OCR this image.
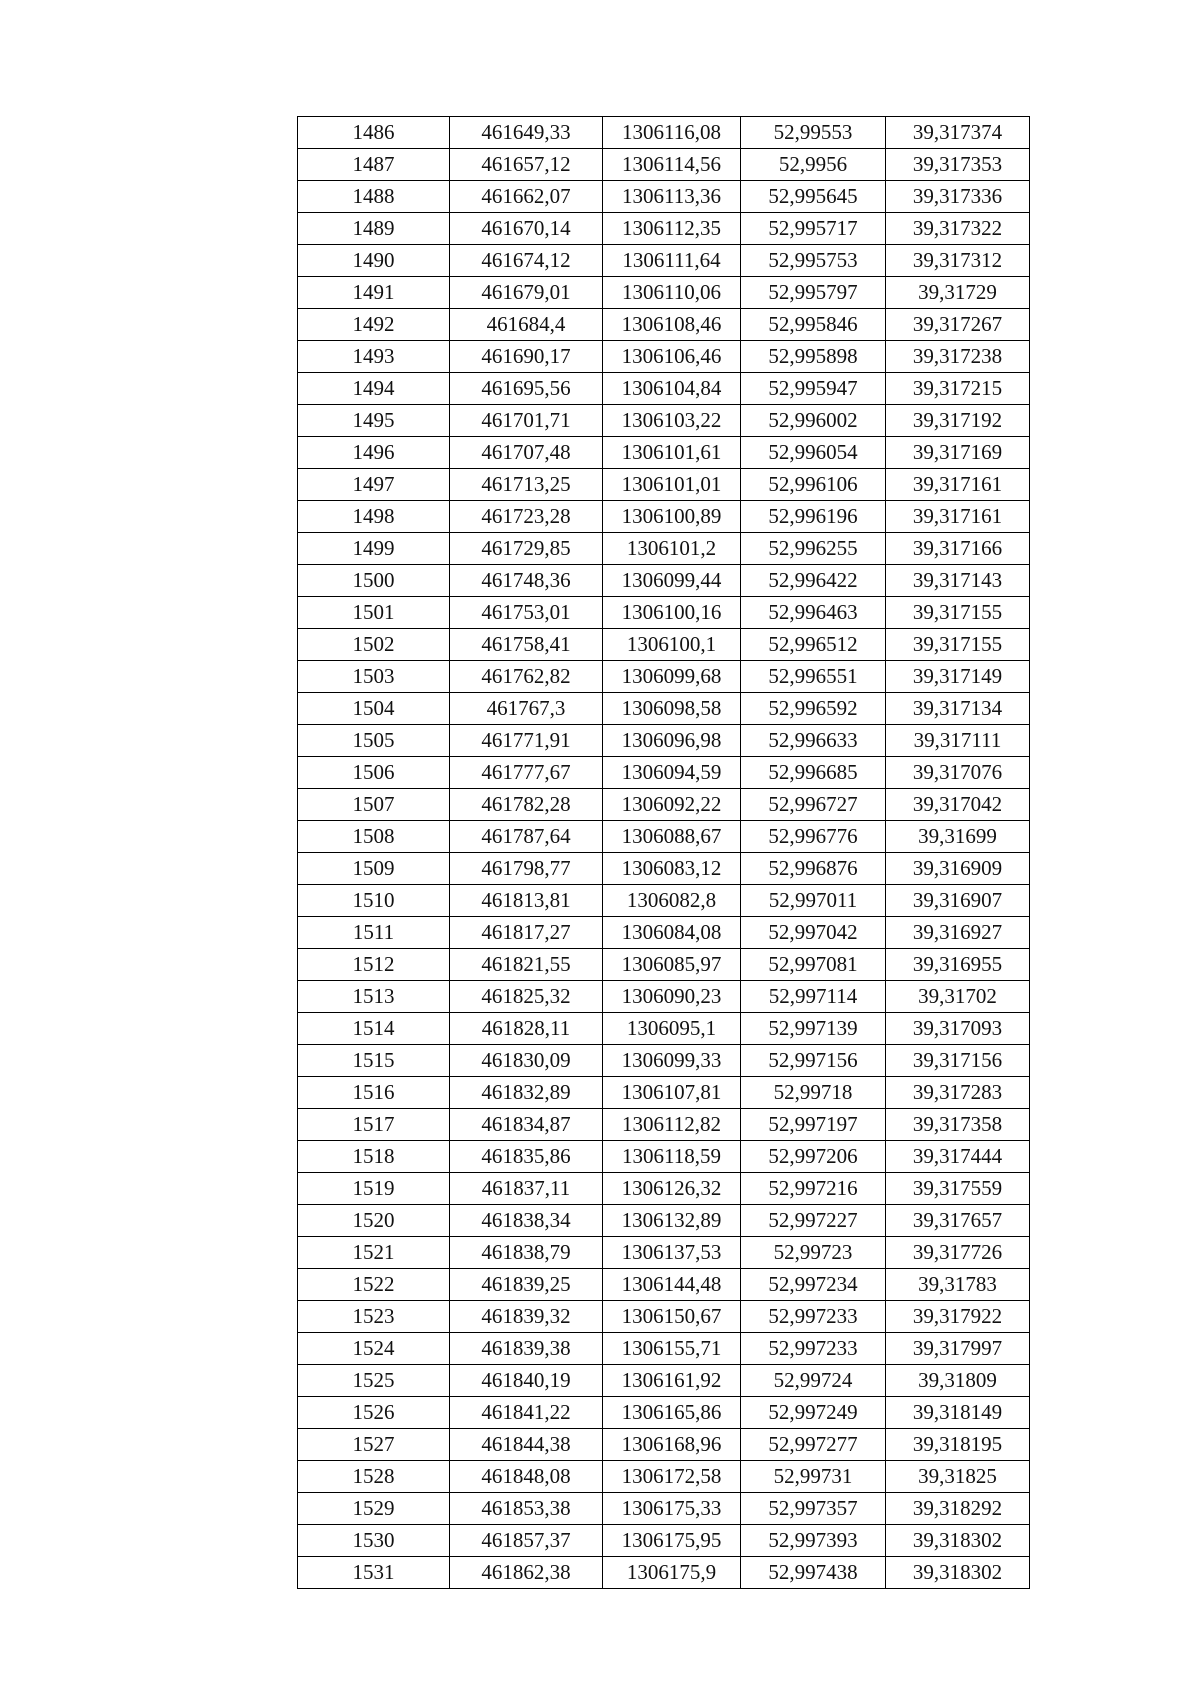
1486	461649,33	1306116,08	52,99553	39,317374
1487	461657,12	1306114,56	52,9956	39,317353
1488	461662,07	1306113,36	52,995645	39,317336
1489	461670,14	1306112,35	52,995717	39,317322
1490	461674,12	1306111,64	52,995753	39,317312
1491	461679,01	1306110,06	52,995797	39,31729
1492	461684,4	1306108,46	52,995846	39,317267
1493	461690,17	1306106,46	52,995898	39,317238
1494	461695,56	1306104,84	52,995947	39,317215
1495	461701,71	1306103,22	52,996002	39,317192
1496	461707,48	1306101,61	52,996054	39,317169
1497	461713,25	1306101,01	52,996106	39,317161
1498	461723,28	1306100,89	52,996196	39,317161
1499	461729,85	1306101,2	52,996255	39,317166
1500	461748,36	1306099,44	52,996422	39,317143
1501	461753,01	1306100,16	52,996463	39,317155
1502	461758,41	1306100,1	52,996512	39,317155
1503	461762,82	1306099,68	52,996551	39,317149
1504	461767,3	1306098,58	52,996592	39,317134
1505	461771,91	1306096,98	52,996633	39,317111
1506	461777,67	1306094,59	52,996685	39,317076
1507	461782,28	1306092,22	52,996727	39,317042
1508	461787,64	1306088,67	52,996776	39,31699
1509	461798,77	1306083,12	52,996876	39,316909
1510	461813,81	1306082,8	52,997011	39,316907
1511	461817,27	1306084,08	52,997042	39,316927
1512	461821,55	1306085,97	52,997081	39,316955
1513	461825,32	1306090,23	52,997114	39,31702
1514	461828,11	1306095,1	52,997139	39,317093
1515	461830,09	1306099,33	52,997156	39,317156
1516	461832,89	1306107,81	52,99718	39,317283
1517	461834,87	1306112,82	52,997197	39,317358
1518	461835,86	1306118,59	52,997206	39,317444
1519	461837,11	1306126,32	52,997216	39,317559
1520	461838,34	1306132,89	52,997227	39,317657
1521	461838,79	1306137,53	52,99723	39,317726
1522	461839,25	1306144,48	52,997234	39,31783
1523	461839,32	1306150,67	52,997233	39,317922
1524	461839,38	1306155,71	52,997233	39,317997
1525	461840,19	1306161,92	52,99724	39,31809
1526	461841,22	1306165,86	52,997249	39,318149
1527	461844,38	1306168,96	52,997277	39,318195
1528	461848,08	1306172,58	52,99731	39,31825
1529	461853,38	1306175,33	52,997357	39,318292
1530	461857,37	1306175,95	52,997393	39,318302
1531	461862,38	1306175,9	52,997438	39,318302
